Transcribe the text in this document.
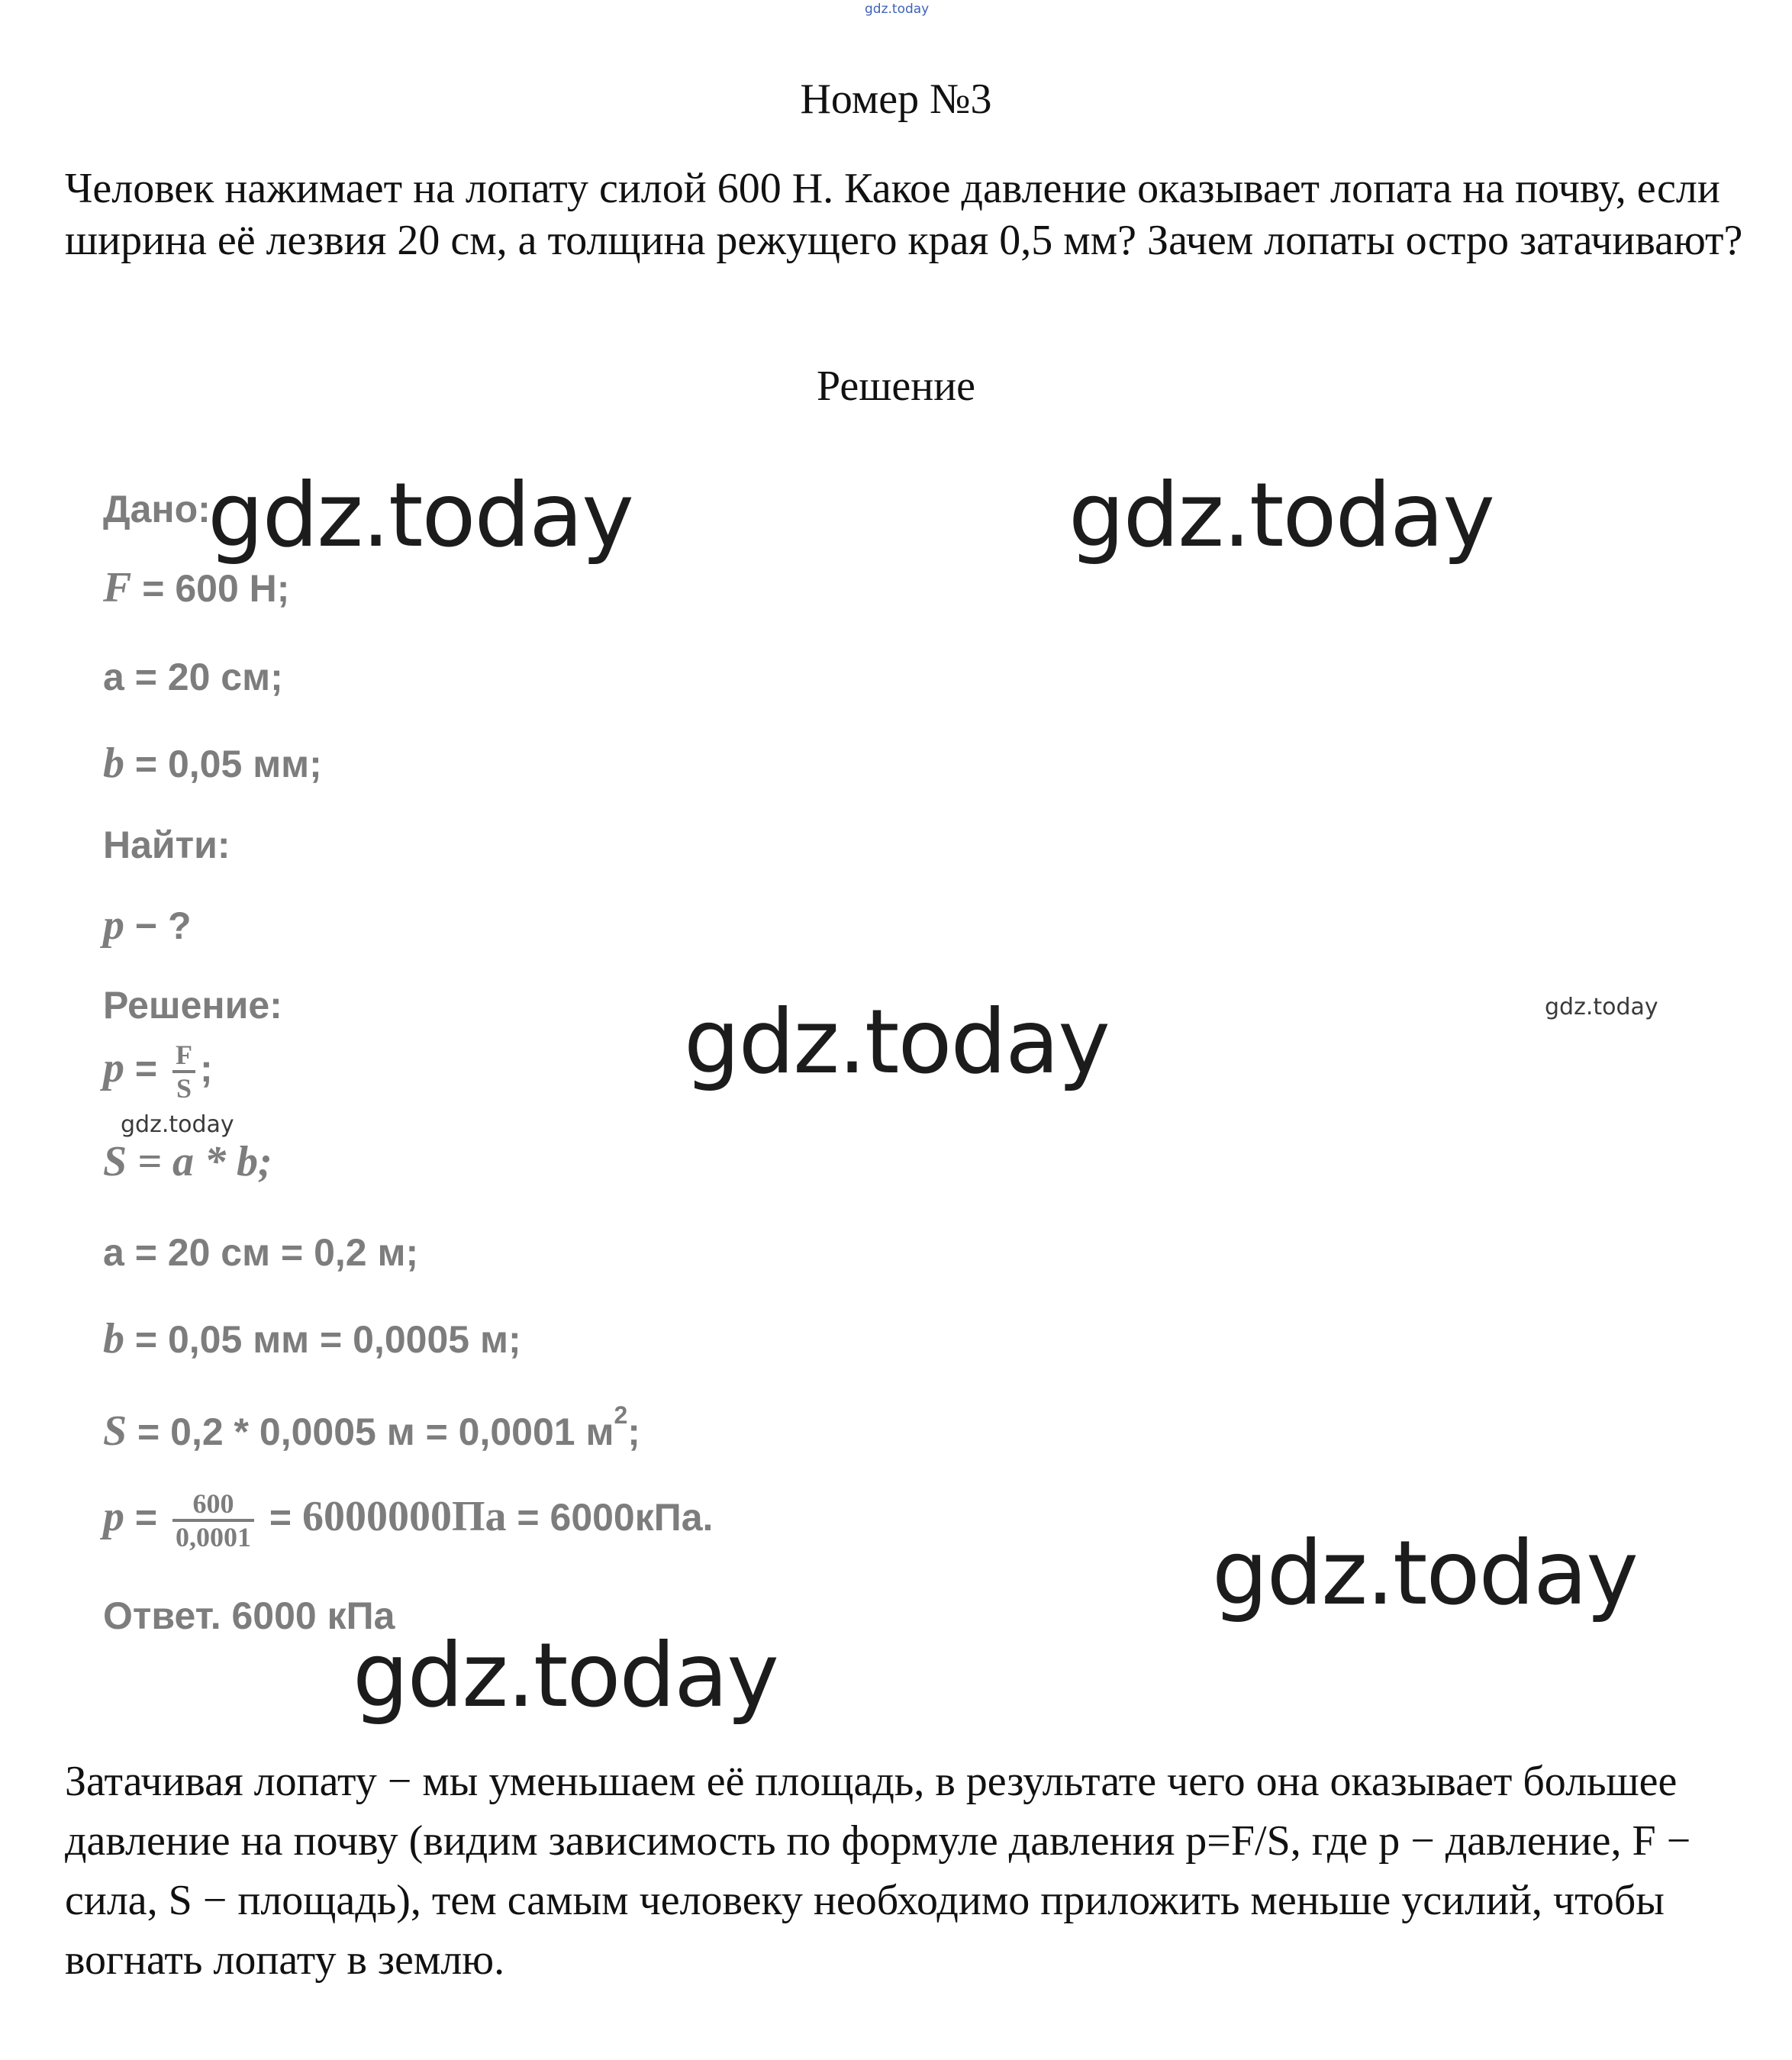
gdz.today
Номер №3

Человек нажимает на лопату силой 600 Н. Какое давление оказывает лопата на почву, если ширина её лезвия 20 см, а толщина режущего края 0,5 мм? Зачем лопаты остро затачивают?

Решение
Дано:
F = 600 Н;
a = 20 см;
b = 0,05 мм;
Найти:
p − ?
Решение:
$p = \frac{F}{S}$ ;
S = a * b;
a = 20 см = 0,2 м;
b = 0,05 мм = 0,0005 м;
S = 0,2 * 0,0005 м = 0,0001 $м^2$;
$p = \frac{600}{0,0001} = 6000000Па = 6000кПа$.
Ответ. 6000 кПа

Затачивая лопату − мы уменьшаем её площадь, в результате чего она оказывает большее давление на почву (видим зависимость по формуле давления p=F/S, где p − давление, F − сила, S − площадь), тем самым человеку необходимо приложить меньше усилий, чтобы вогнать лопату в землю.

gdz.today	gdz.today
gdz.today	gdz.today
gdz.today
gdz.today
gdz.today
